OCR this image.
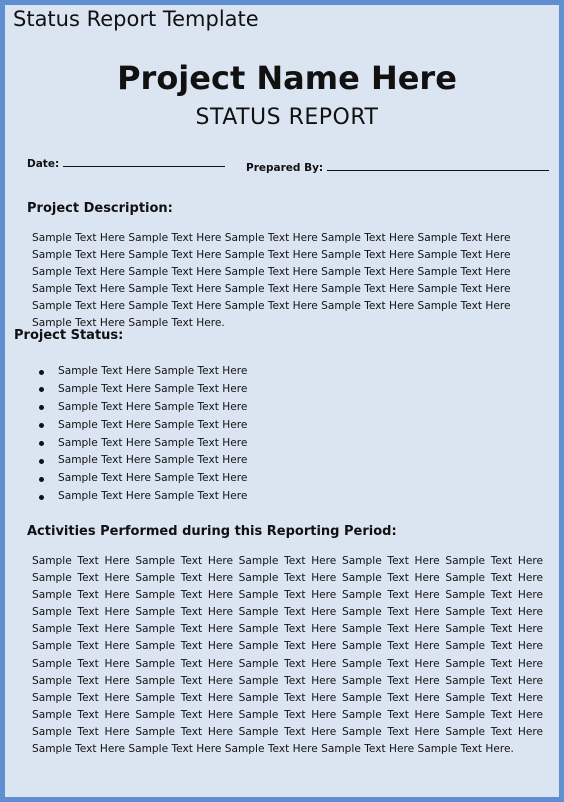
Status Report Template
Project Name Here
STATUS REPORT
Date:	Prepared By:
Project Description:
Sample Text Here Sample Text Here Sample Text Here Sample Text Here Sample Text Here Sample Text Here Sample Text Here Sample Text Here Sample Text Here Sample Text Here Sample Text Here Sample Text Here Sample Text Here Sample Text Here Sample Text Here Sample Text Here Sample Text Here Sample Text Here Sample Text Here Sample Text Here Sample Text Here Sample Text Here Sample Text Here Sample Text Here Sample Text Here Sample Text Here Sample Text Here.
Project Status:
Sample Text Here Sample Text Here
Sample Text Here Sample Text Here
Sample Text Here Sample Text Here
Sample Text Here Sample Text Here
Sample Text Here Sample Text Here
Sample Text Here Sample Text Here
Sample Text Here Sample Text Here
Sample Text Here Sample Text Here
Activities Performed during this Reporting Period:
Sample Text Here Sample Text Here Sample Text Here Sample Text Here Sample Text Here Sample Text Here Sample Text Here Sample Text Here Sample Text Here Sample Text Here Sample Text Here Sample Text Here Sample Text Here Sample Text Here Sample Text Here Sample Text Here Sample Text Here Sample Text Here Sample Text Here Sample Text Here Sample Text Here Sample Text Here Sample Text Here Sample Text Here Sample Text Here Sample Text Here Sample Text Here Sample Text Here Sample Text Here Sample Text Here Sample Text Here Sample Text Here Sample Text Here Sample Text Here Sample Text Here Sample Text Here Sample Text Here Sample Text Here Sample Text Here Sample Text Here Sample Text Here Sample Text Here Sample Text Here Sample Text Here Sample Text Here Sample Text Here Sample Text Here Sample Text Here Sample Text Here Sample Text Here Sample Text Here Sample Text Here Sample Text Here Sample Text Here Sample Text Here Sample Text Here Sample Text Here Sample Text Here Sample Text Here Sample Text Here.
